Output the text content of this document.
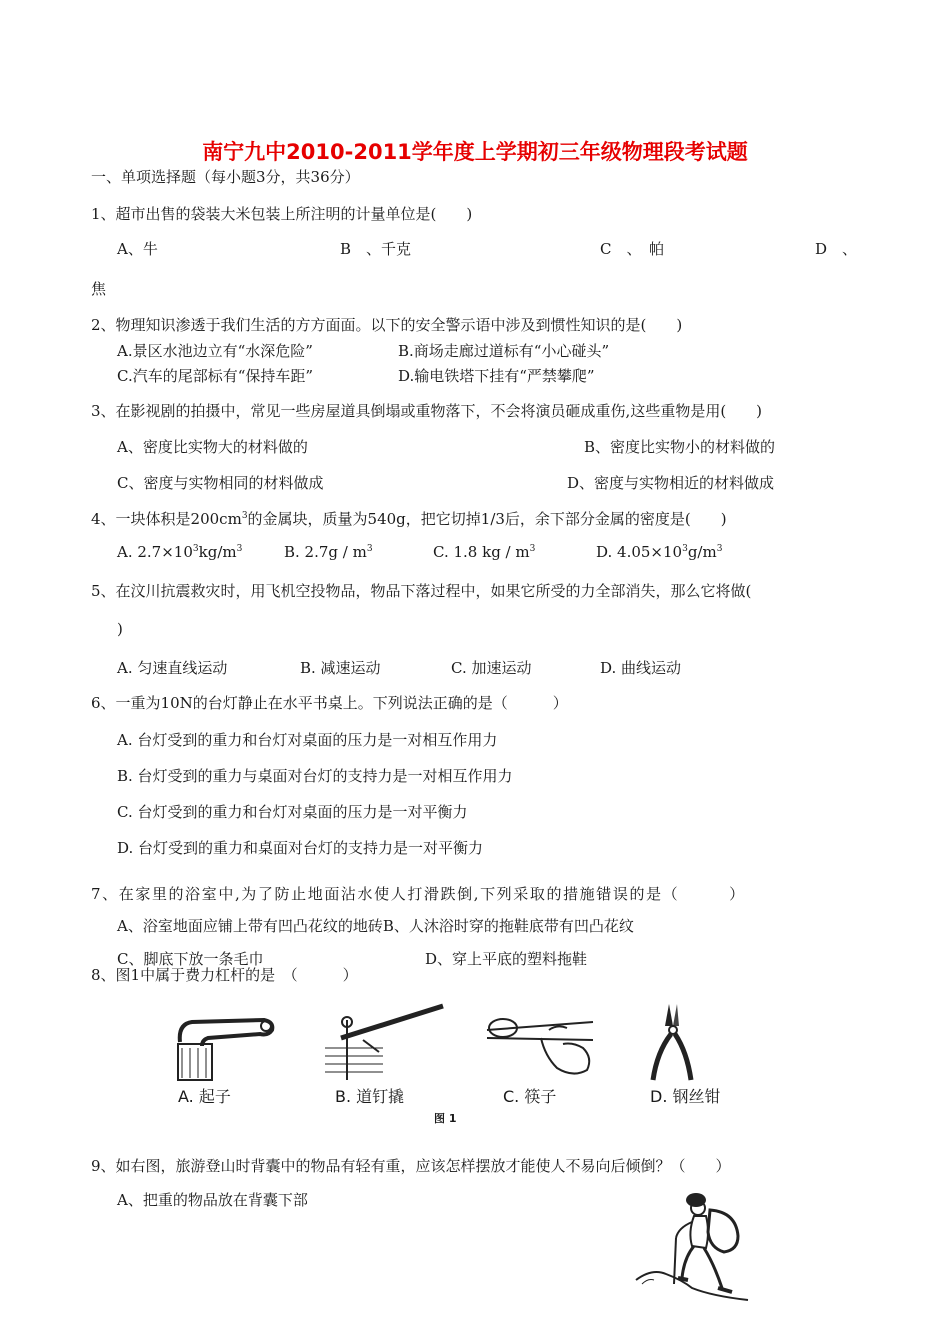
南宁九中2010-2011学年度上学期初三年级物理段考试题
一、单项选择题（每小题3分，共36分）
1、超市出售的袋装大米包装上所注明的计量单位是(　　)
A、牛	B　、千克	C　、　帕	D　、
焦
2、物理知识渗透于我们生活的方方面面。以下的安全警示语中涉及到惯性知识的是(　　)
A.景区水池边立有“水深危险”	B.商场走廊过道标有“小心碰头”
C.汽车的尾部标有“保持车距”	D.输电铁塔下挂有“严禁攀爬”
3、在影视剧的拍摄中，常见一些房屋道具倒塌或重物落下，不会将演员砸成重伤,这些重物是用(　　)
A、密度比实物大的材料做的	B、密度比实物小的材料做的
C、密度与实物相同的材料做成	D、密度与实物相近的材料做成
4、一块体积是$200cm^3$的金属块，质量为540g，把它切掉1/3后，余下部分金属的密度是(　　)
A. $2.7\times 10^3kg/m^3$	B. $2.7g / m^3$	C. 1.8 kg / $m^3$	D. $4.05\times 10^3g/m^3$
5、在汶川抗震救灾时，用飞机空投物品，物品下落过程中，如果它所受的力全部消失，那么它将做(
)
A. 匀速直线运动	B. 减速运动	C. 加速运动	D. 曲线运动
6、一重为10N的台灯静止在水平书桌上。下列说法正确的是（　　　）
A. 台灯受到的重力和台灯对桌面的压力是一对相互作用力
B. 台灯受到的重力与桌面对台灯的支持力是一对相互作用力
C. 台灯受到的重力和台灯对桌面的压力是一对平衡力
D. 台灯受到的重力和桌面对台灯的支持力是一对平衡力
7、在家里的浴室中,为了防止地面沾水使人打滑跌倒,下列采取的措施错误的是（　　　）
A、浴室地面应铺上带有凹凸花纹的地砖B、人沐浴时穿的拖鞋底带有凹凸花纹
C、脚底下放一条毛巾	D、穿上平底的塑料拖鞋
8、图1中属于费力杠杆的是　（　　　）
A. 起子	B. 道钉撬	C. 筷子	D. 钢丝钳
图 1
9、如右图，旅游登山时背囊中的物品有轻有重，应该怎样摆放才能使人不易向后倾倒？（　　）
A、把重的物品放在背囊下部
